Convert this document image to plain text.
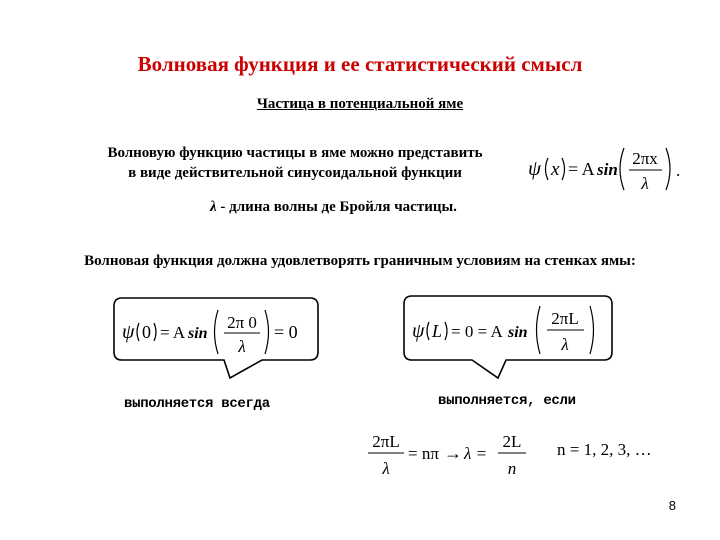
Волновая функция и ее статистический смысл
Частица в потенциальной яме
Волновую функцию частицы в яме можно представить
в виде действительной синусоидальной функции	ψ x = A sin
2πx
λ
.
λ - длина волны де Бройля частицы.
Волновая функция должна удовлетворять граничным условиям на стенках ямы:
ψ 0 = A sin
2π 0
λ
= 0
выполняется всегда
ψ L = 0 = A sin
2πL
λ
выполняется, если
2πL
λ
= nπ → λ =
2L
n
n = 1, 2, 3, …
8
